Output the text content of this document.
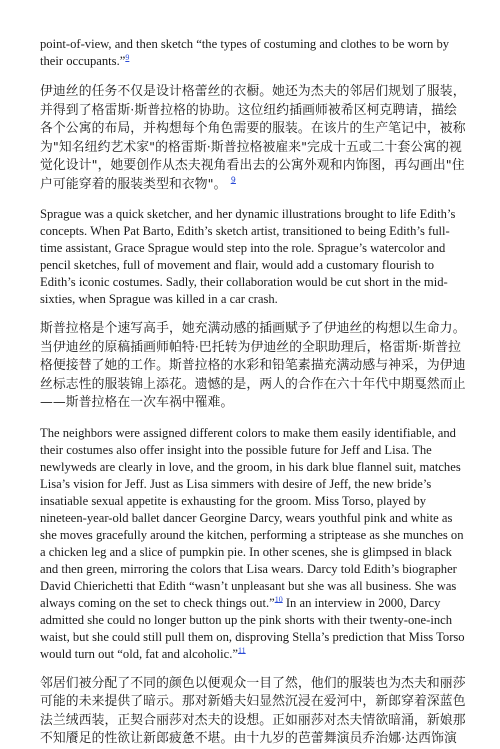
point-of-view, and then sketch “the types of costuming and clothes to be worn by their occupants.”$^9$

伊迪丝的任务不仅是设计格蕾丝的衣橱。她还为杰夫的邻居们规划了服装，并得到了格雷斯·斯普拉格的协助。这位纽约插画师被希区柯克聘请，描绘各个公寓的布局，并构想每个角色需要的服装。在该片的生产笔记中，被称为"知名纽约艺术家"的格雷斯·斯普拉格被雇来"完成十五或二十套公寓的视觉化设计"，她要创作从杰夫视角看出去的公寓外观和内饰图，再勾画出"住户可能穿着的服装类型和衣物"。 $^9$

Sprague was a quick sketcher, and her dynamic illustrations brought to life Edith’s concepts. When Pat Barto, Edith’s sketch artist, transitioned to being Edith’s full-time assistant, Grace Sprague would step into the role. Sprague’s watercolor and pencil sketches, full of movement and flair, would add a customary flourish to Edith’s iconic costumes. Sadly, their collaboration would be cut short in the mid-sixties, when Sprague was killed in a car crash.

斯普拉格是个速写高手，她充满动感的插画赋予了伊迪丝的构想以生命力。当伊迪丝的原稿插画师帕特·巴托转为伊迪丝的全职助理后，格雷斯·斯普拉格便接替了她的工作。斯普拉格的水彩和铅笔素描充满动感与神采，为伊迪丝标志性的服装锦上添花。遗憾的是，两人的合作在六十年代中期戛然而止——斯普拉格在一次车祸中罹难。

The neighbors were assigned different colors to make them easily identifiable, and their costumes also offer insight into the possible future for Jeff and Lisa. The newlyweds are clearly in love, and the groom, in his dark blue flannel suit, matches Lisa’s vision for Jeff. Just as Lisa simmers with desire of Jeff, the new bride’s insatiable sexual appetite is exhausting for the groom. Miss Torso, played by nineteen-year-old ballet dancer Georgine Darcy, wears youthful pink and white as she moves gracefully around the kitchen, performing a striptease as she munches on a chicken leg and a slice of pumpkin pie. In other scenes, she is glimpsed in black and then green, mirroring the colors that Lisa wears. Darcy told Edith’s biographer David Chierichetti that Edith “wasn’t unpleasant but she was all business. She was always coming on the set to check things out.”$^{10}$ In an interview in 2000, Darcy admitted she could no longer button up the pink shorts with their twenty-one-inch waist, but she could still pull them on, disproving Stella’s prediction that Miss Torso would turn out “old, fat and alcoholic.”$^{11}$

邻居们被分配了不同的颜色以便观众一目了然，他们的服装也为杰夫和丽莎可能的未来提供了暗示。那对新婚夫妇显然沉浸在爱河中，新郎穿着深蓝色法兰绒西装，正契合丽莎对杰夫的设想。正如丽莎对杰夫情欲暗涌，新娘那不知餍足的性欲让新郎疲惫不堪。由十九岁的芭蕾舞演员乔治娜·达西饰演
